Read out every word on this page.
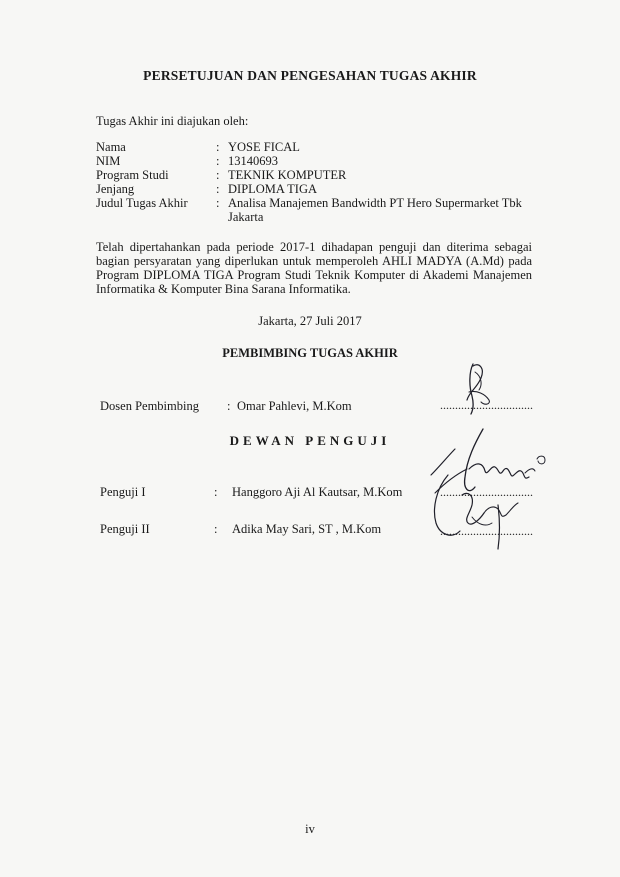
PERSETUJUAN DAN PENGESAHAN TUGAS AKHIR
Tugas Akhir ini diajukan oleh:
Nama	:	YOSE FICAL
NIM	:	13140693
Program Studi	:	TEKNIK KOMPUTER
Jenjang	:	DIPLOMA TIGA
Judul Tugas Akhir	:	Analisa Manajemen Bandwidth PT Hero Supermarket Tbk Jakarta
Telah dipertahankan pada periode 2017-1 dihadapan penguji dan diterima sebagai bagian persyaratan yang diperlukan untuk memperoleh AHLI MADYA (A.Md) pada Program DIPLOMA TIGA Program Studi Teknik Komputer di Akademi Manajemen Informatika & Komputer Bina Sarana Informatika.
Jakarta, 27 Juli 2017
PEMBIMBING TUGAS AKHIR
Dosen Pembimbing : Omar Pahlevi, M.Kom	...............................
DEWAN PENGUJI
Penguji I	: Hanggoro Aji Al Kautsar, M.Kom	...............................
Penguji II	: Adika May Sari, ST , M.Kom	...............................
iv
